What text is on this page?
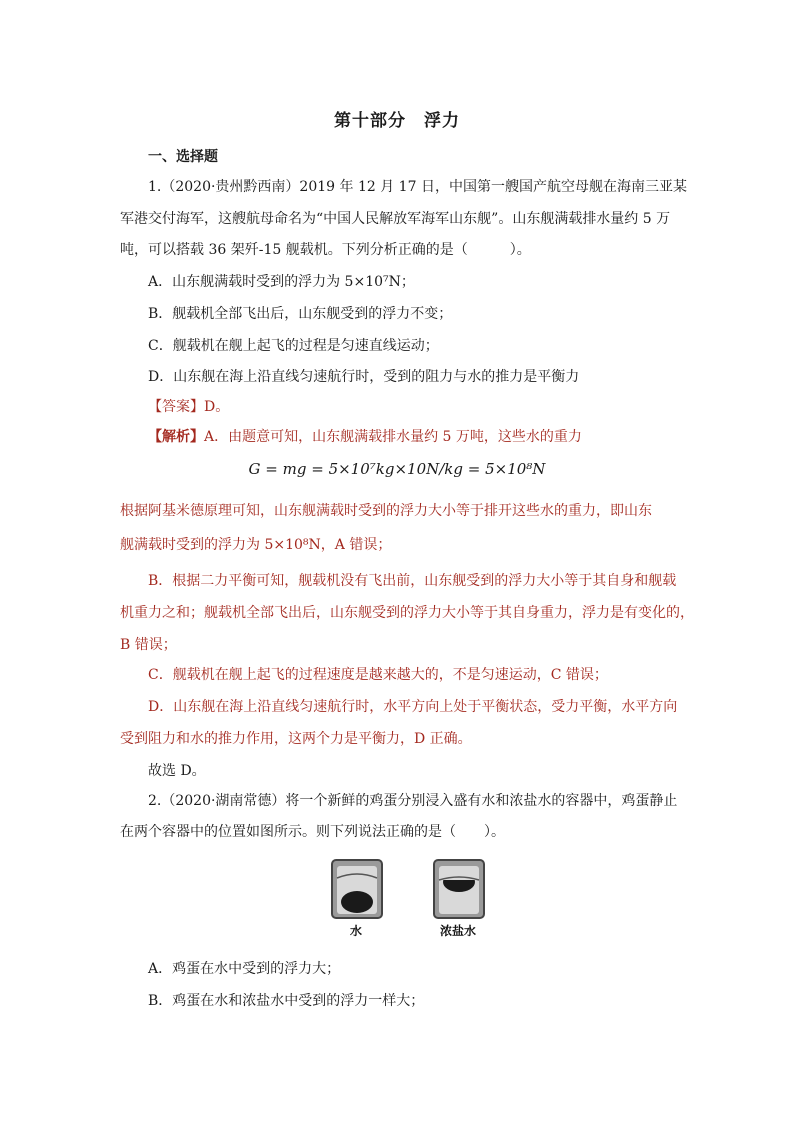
第十部分　浮力
一、选择题
1.（2020·贵州黔西南）2019 年 12 月 17 日，中国第一艘国产航空母舰在海南三亚某
军港交付海军，这艘航母命名为“中国人民解放军海军山东舰”。山东舰满载排水量约 5 万
吨，可以搭载 36 架歼-15 舰载机。下列分析正确的是（　　　）。
A．山东舰满载时受到的浮力为 5×10⁷N；
B．舰载机全部飞出后，山东舰受到的浮力不变；
C．舰载机在舰上起飞的过程是匀速直线运动；
D．山东舰在海上沿直线匀速航行时，受到的阻力与水的推力是平衡力
【答案】D。
【解析】A．由题意可知，山东舰满载排水量约 5 万吨，这些水的重力
G = mg = 5×10⁷kg×10N/kg = 5×10⁸N
根据阿基米德原理可知，山东舰满载时受到的浮力大小等于排开这些水的重力，即山东
舰满载时受到的浮力为 5×10⁸N，A 错误；
B．根据二力平衡可知，舰载机没有飞出前，山东舰受到的浮力大小等于其自身和舰载
机重力之和；舰载机全部飞出后，山东舰受到的浮力大小等于其自身重力，浮力是有变化的，
B 错误；
C．舰载机在舰上起飞的过程速度是越来越大的，不是匀速运动，C 错误；
D．山东舰在海上沿直线匀速航行时，水平方向上处于平衡状态，受力平衡，水平方向
受到阻力和水的推力作用，这两个力是平衡力，D 正确。
故选 D。
2.（2020·湖南常德）将一个新鲜的鸡蛋分别浸入盛有水和浓盐水的容器中，鸡蛋静止
在两个容器中的位置如图所示。则下列说法正确的是（　　）。
水	浓盐水
A．鸡蛋在水中受到的浮力大；
B．鸡蛋在水和浓盐水中受到的浮力一样大；
